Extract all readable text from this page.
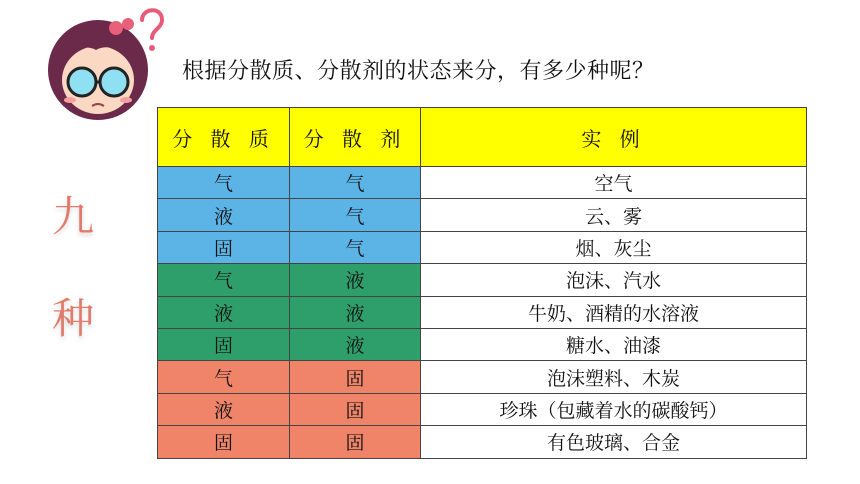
根据分散质、分散剂的状态来分，有多少种呢？
九
种
分 散 质	分 散 剂	实 例
气	气	空气
液	气	云、雾
固	气	烟、灰尘
气	液	泡沫、汽水
液	液	牛奶、酒精的水溶液
固	液	糖水、油漆
气	固	泡沫塑料、木炭
液	固	珍珠（包藏着水的碳酸钙）
固	固	有色玻璃、合金
